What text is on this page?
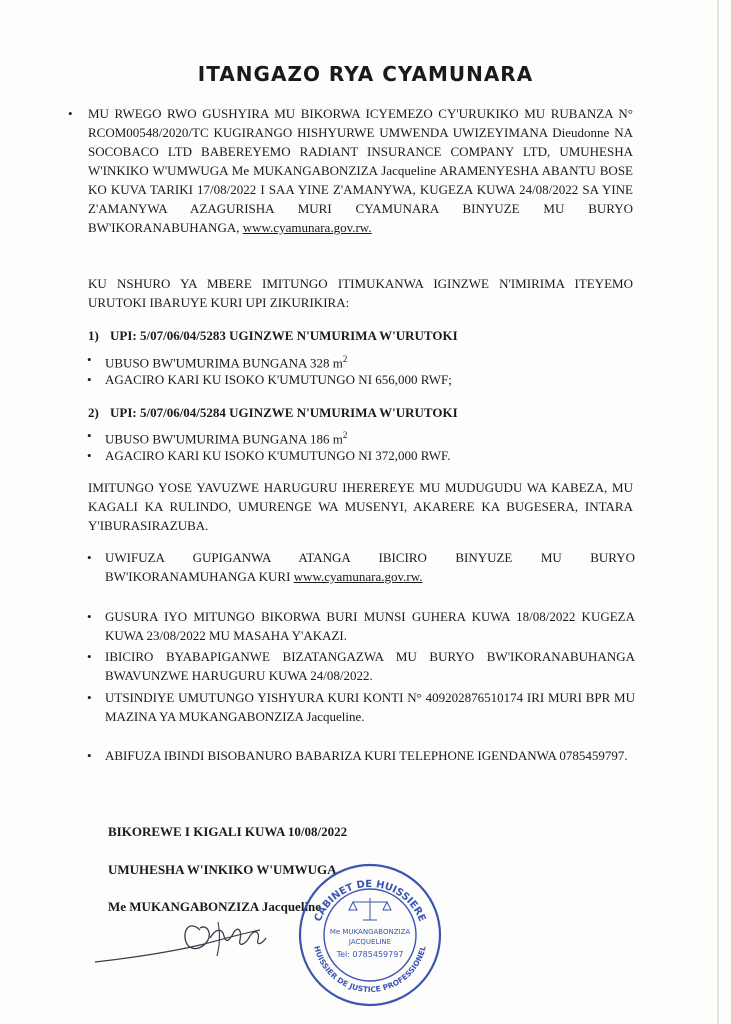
ITANGAZO RYA CYAMUNARA
• MU RWEGO RWO GUSHYIRA MU BIKORWA ICYEMEZO CY'URUKIKO MU RUBANZA N° RCOM00548/2020/TC KUGIRANGO HISHYURWE UMWENDA UWIZEYIMANA Dieudonne NA SOCOBACO LTD BABEREYEMO RADIANT INSURANCE COMPANY LTD, UMUHESHA W'INKIKO W'UMWUGA Me MUKANGABONZIZA Jacqueline ARAMENYESHA ABANTU BOSE KO KUVA TARIKI 17/08/2022 I SAA YINE Z'AMANYWA, KUGEZA KUWA 24/08/2022 SA YINE Z'AMANYWA AZAGURISHA MURI CYAMUNARA BINYUZE MU BURYO BW'IKORANABUHANGA, www.cyamunara.gov.rw.
KU NSHURO YA MBERE IMITUNGO ITIMUKANWA IGINZWE N'IMIRIMA ITEYEMO URUTOKI IBARUYE KURI UPI ZIKURIKIRA:
1) UPI: 5/07/06/04/5283 UGINZWE N'UMURIMA W'URUTOKI
• UBUSO BW'UMURIMA BUNGANA 328 $m^2$
• AGACIRO KARI KU ISOKO K'UMUTUNGO NI 656,000 RWF;
2) UPI: 5/07/06/04/5284 UGINZWE N'UMURIMA W'URUTOKI
• UBUSO BW'UMURIMA BUNGANA 186 $m^2$
• AGACIRO KARI KU ISOKO K'UMUTUNGO NI 372,000 RWF.
IMITUNGO YOSE YAVUZWE HARUGURU IHEREREYE MU MUDUGUDU WA KABEZA, MU KAGALI KA RULINDO, UMURENGE WA MUSENYI, AKARERE KA BUGESERA, INTARA Y'IBURASIRAZUBA.
• UWIFUZA GUPIGANWA ATANGA IBICIRO BINYUZE MU BURYO BW'IKORANAMUHANGA KURI www.cyamunara.gov.rw.
• GUSURA IYO MITUNGO BIKORWA BURI MUNSI GUHERA KUWA 18/08/2022 KUGEZA KUWA 23/08/2022 MU MASAHA Y'AKAZI.
• IBICIRO BYABAPIGANWE BIZATANGAZWA MU BURYO BW'IKORANABUHANGA BWAVUNZWE HARUGURU KUWA 24/08/2022.
• UTSINDIYE UMUTUNGO YISHYURA KURI KONTI N° 409202876510174 IRI MURI BPR MU MAZINA YA MUKANGABONZIZA Jacqueline.
• ABIFUZA IBINDI BISOBANURO BABARIZA KURI TELEPHONE IGENDANWA 0785459797.
BIKOREWE I KIGALI KUWA 10/08/2022
UMUHESHA W'INKIKO W'UMWUGA
Me MUKANGABONZIZA Jacqueline
CABINET DE HUISSIERE
HUISSIER DE JUSTICE PROFESSIONEL
Me MUKANGABONZIZA
JACQUELINE
Tel: 0785459797
